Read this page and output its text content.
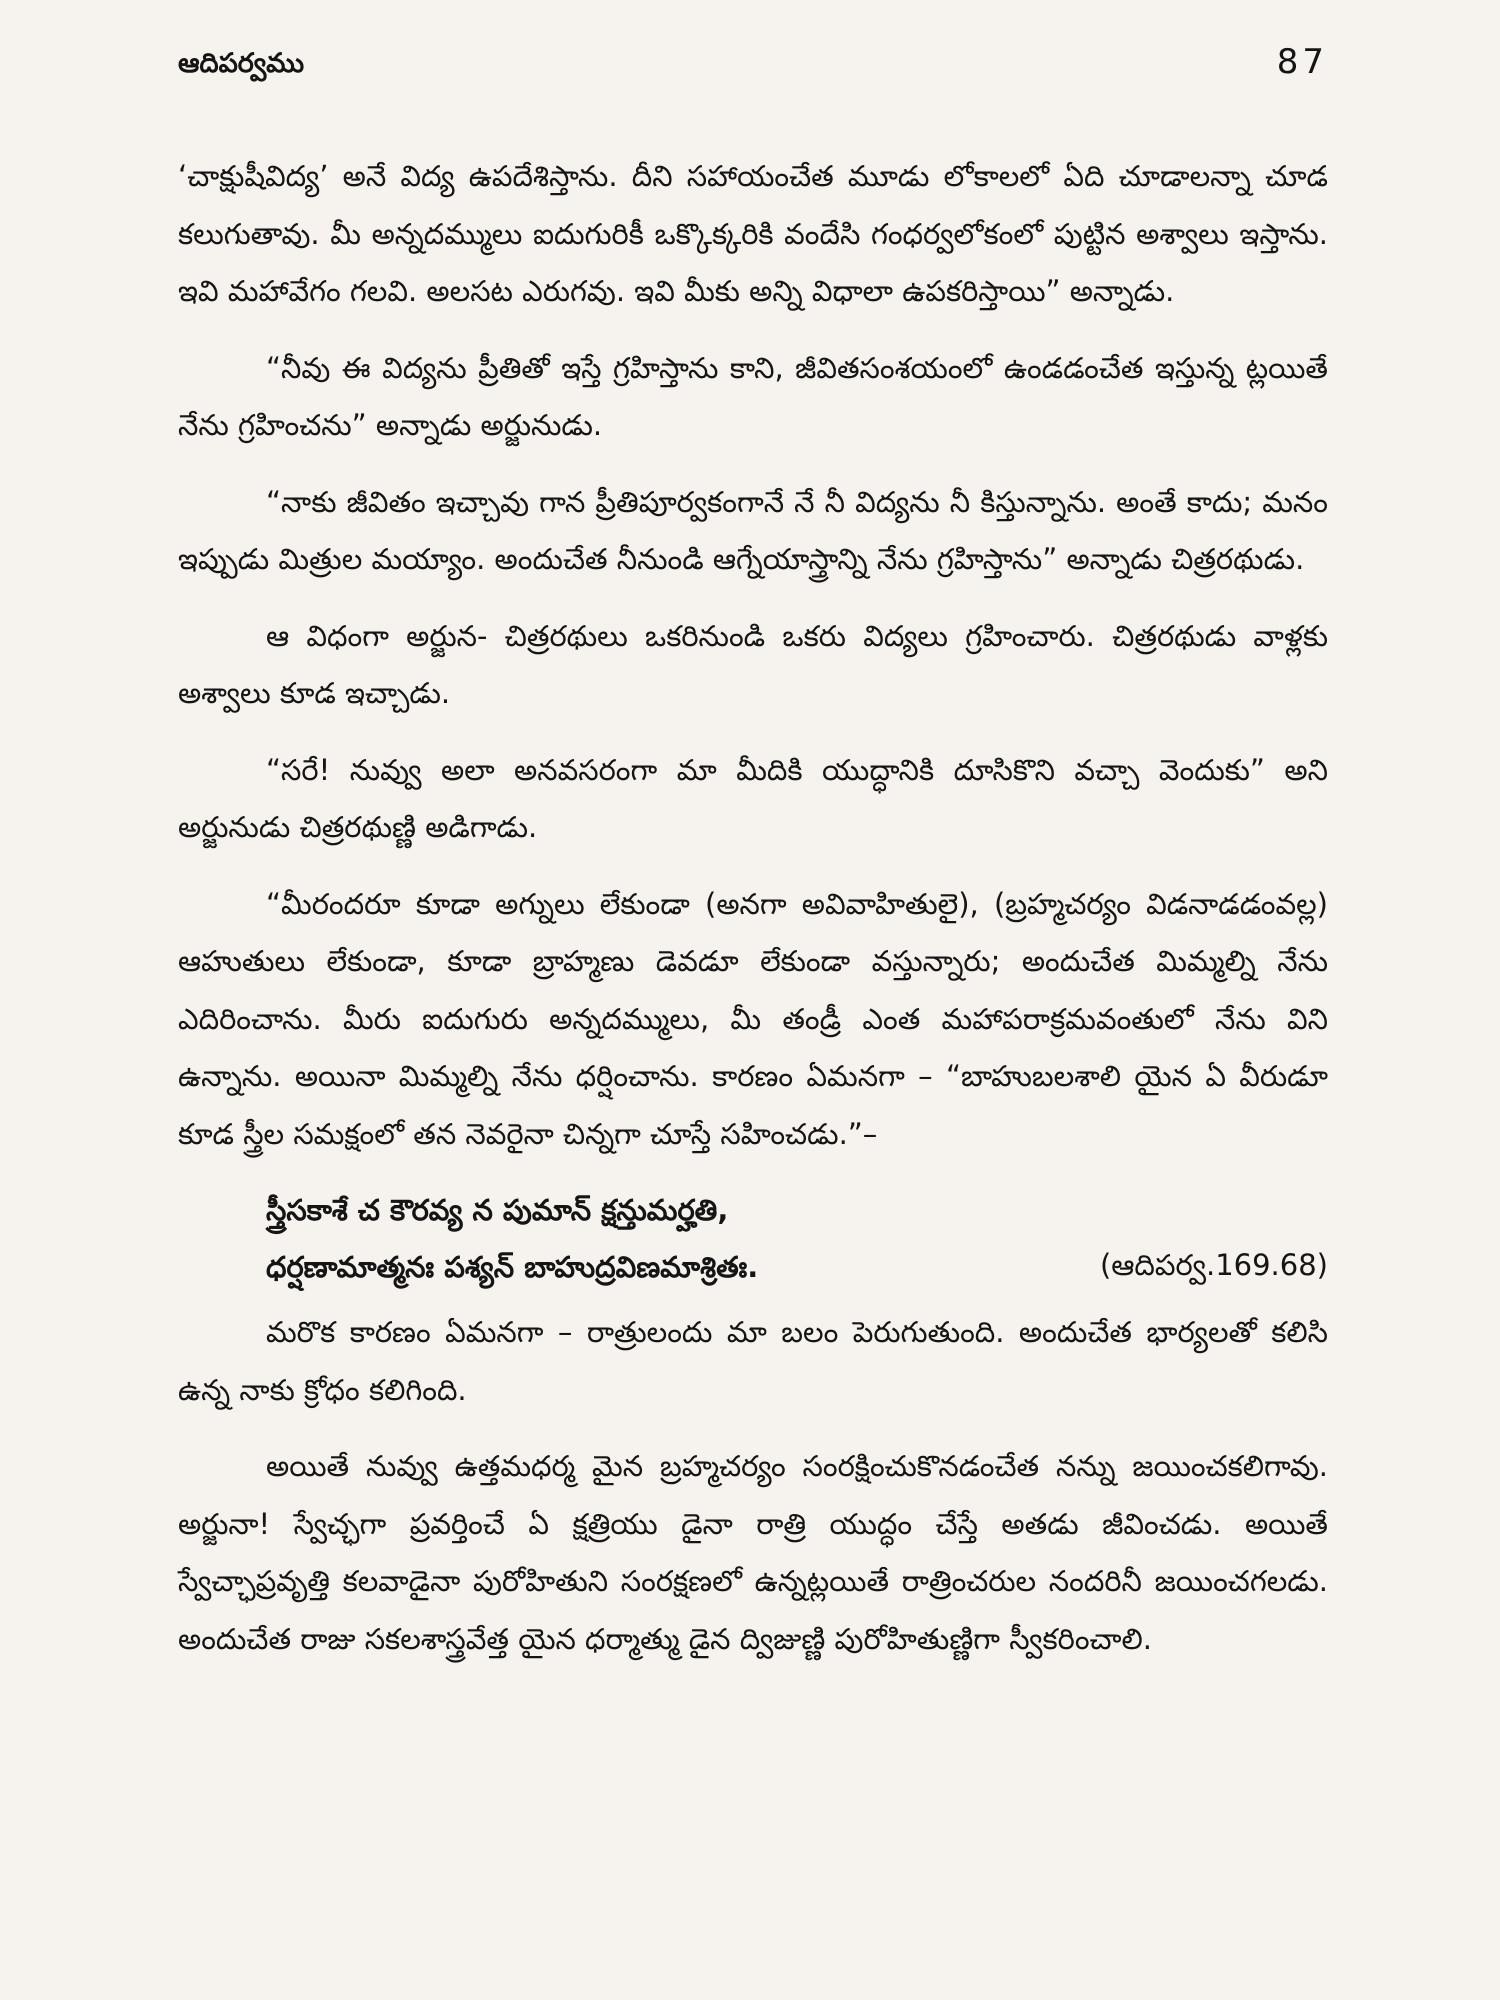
ఆదిపర్వము	87

‘చాక్షుషీవిద్య’ అనే విద్య ఉపదేశిస్తాను. దీని సహాయంచేత మూడు లోకాలలో ఏది చూడాలన్నా చూడ కలుగుతావు. మీ అన్నదమ్ములు ఐదుగురికీ ఒక్కొక్కరికి వందేసి గంధర్వలోకంలో పుట్టిన అశ్వాలు ఇస్తాను. ఇవి మహావేగం గలవి. అలసట ఎరుగవు. ఇవి మీకు అన్ని విధాలా ఉపకరిస్తాయి” అన్నాడు.

“నీవు ఈ విద్యను ప్రీతితో ఇస్తే గ్రహిస్తాను కాని, జీవితసంశయంలో ఉండడంచేత ఇస్తున్న ట్లయితే నేను గ్రహించను” అన్నాడు అర్జునుడు.

“నాకు జీవితం ఇచ్చావు గాన ప్రీతిపూర్వకంగానే నే నీ విద్యను నీ కిస్తున్నాను. అంతే కాదు; మనం ఇప్పుడు మిత్రుల మయ్యాం. అందుచేత నీనుండి ఆగ్నేయాస్త్రాన్ని నేను గ్రహిస్తాను” అన్నాడు చిత్రరథుడు.

ఆ విధంగా అర్జున- చిత్రరథులు ఒకరినుండి ఒకరు విద్యలు గ్రహించారు. చిత్రరథుడు వాళ్లకు అశ్వాలు కూడ ఇచ్చాడు.

“సరే! నువ్వు అలా అనవసరంగా మా మీదికి యుద్ధానికి దూసికొని వచ్చా వెందుకు” అని అర్జునుడు చిత్రరథుణ్ణి అడిగాడు.

“మీరందరూ కూడా అగ్నులు లేకుండా (అనగా అవివాహితులై), (బ్రహ్మచర్యం విడనాడడంవల్ల) ఆహుతులు లేకుండా, కూడా బ్రాహ్మణు డెవడూ లేకుండా వస్తున్నారు; అందుచేత మిమ్మల్ని నేను ఎదిరించాను. మీరు ఐదుగురు అన్నదమ్ములు, మీ తండ్రీ ఎంత మహాపరాక్రమవంతులో నేను విని ఉన్నాను. అయినా మిమ్మల్ని నేను ధర్షించాను. కారణం ఏమనగా – “బాహుబలశాలి యైన ఏ వీరుడూ కూడ స్త్రీల సమక్షంలో తన నెవరైనా చిన్నగా చూస్తే సహించడు.”–

స్త్రీసకాశే చ కౌరవ్య న పుమాన్ క్షన్తుమర్హతి,
ధర్షణామాత్మనః పశ్యన్ బాహుద్రవిణమాశ్రితః.	(ఆదిపర్వ.169.68)

మరొక కారణం ఏమనగా – రాత్రులందు మా బలం పెరుగుతుంది. అందుచేత భార్యలతో కలిసి ఉన్న నాకు క్రోధం కలిగింది.

అయితే నువ్వు ఉత్తమధర్మ మైన బ్రహ్మచర్యం సంరక్షించుకొనడంచేత నన్ను జయించకలిగావు. అర్జునా! స్వేచ్ఛగా ప్రవర్తించే ఏ క్షత్రియు డైనా రాత్రి యుద్ధం చేస్తే అతడు జీవించడు. అయితే స్వేచ్ఛాప్రవృత్తి కలవాడైనా పురోహితుని సంరక్షణలో ఉన్నట్లయితే రాత్రించరుల నందరినీ జయించగలడు. అందుచేత రాజు సకలశాస్త్రవేత్త యైన ధర్మాత్ము డైన ద్విజుణ్ణి పురోహితుణ్ణిగా స్వీకరించాలి.
